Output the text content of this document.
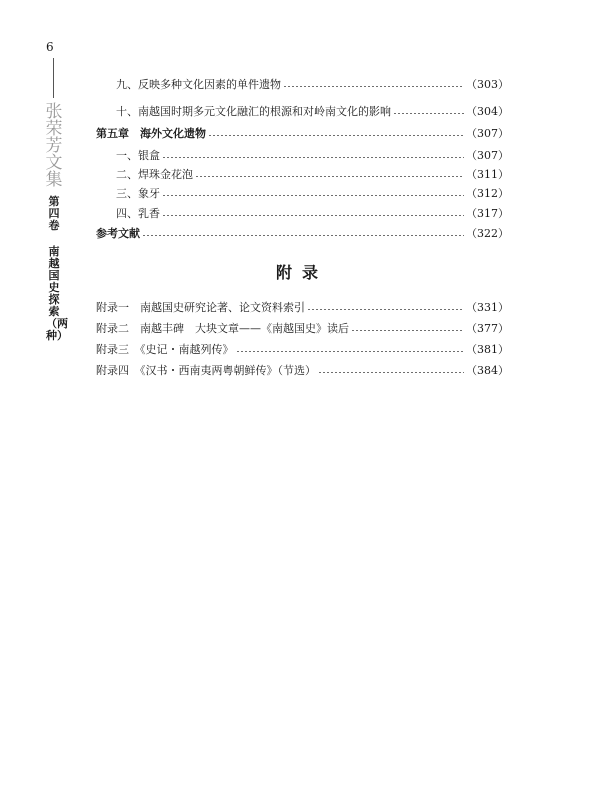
6
张荣芳文集
第四卷
南越国史探索（两种）
九、反映多种文化因素的单件遗物	（303）
十、南越国时期多元文化融汇的根源和对岭南文化的影响	（304）
第五章　海外文化遗物	（307）
一、银盒	（307）
二、焊珠金花泡	（311）
三、象牙	（312）
四、乳香	（317）
参考文献	（322）
附录
附录一　南越国史研究论著、论文资料索引	（331）
附录二　南越丰碑　大块文章——《南越国史》读后	（377）
附录三　《史记・南越列传》	（381）
附录四　《汉书・西南夷两粤朝鲜传》（节选）	（384）
